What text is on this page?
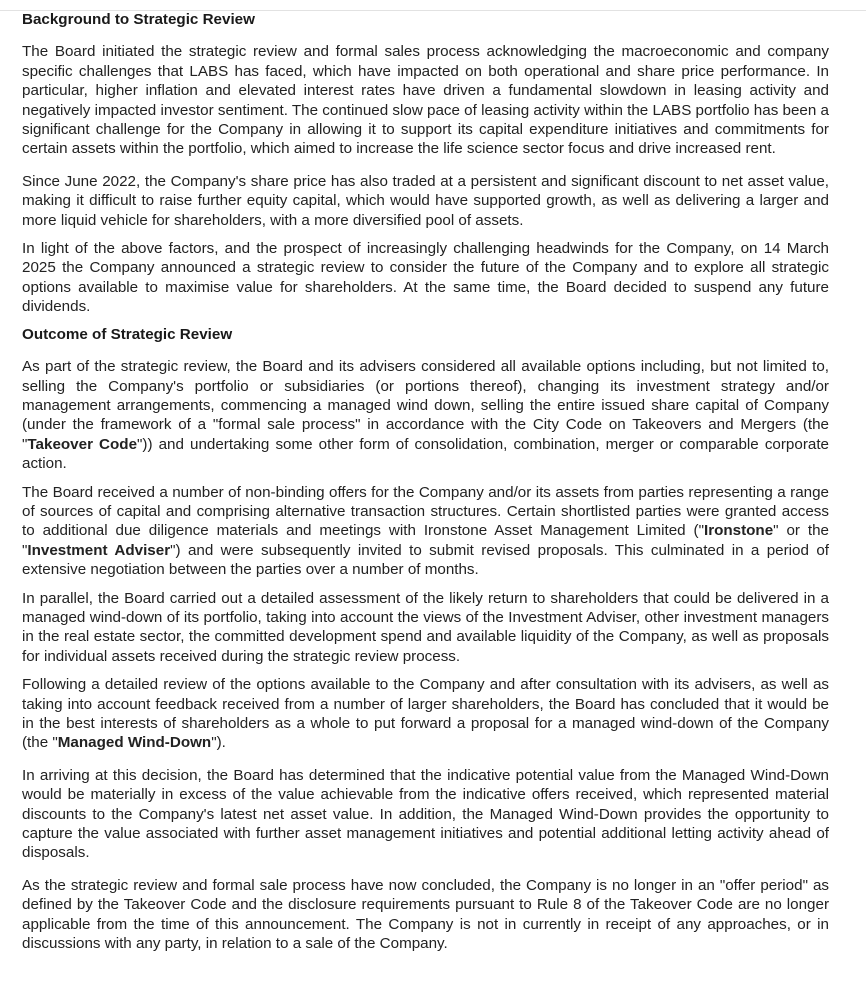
Background to Strategic Review

The Board initiated the strategic review and formal sales process acknowledging the macroeconomic and company specific challenges that LABS has faced, which have impacted on both operational and share price performance. In particular, higher inflation and elevated interest rates have driven a fundamental slowdown in leasing activity and negatively impacted investor sentiment. The continued slow pace of leasing activity within the LABS portfolio has been a significant challenge for the Company in allowing it to support its capital expenditure initiatives and commitments for certain assets within the portfolio, which aimed to increase the life science sector focus and drive increased rent.

Since June 2022, the Company's share price has also traded at a persistent and significant discount to net asset value, making it difficult to raise further equity capital, which would have supported growth, as well as delivering a larger and more liquid vehicle for shareholders, with a more diversified pool of assets.

In light of the above factors, and the prospect of increasingly challenging headwinds for the Company, on 14 March 2025 the Company announced a strategic review to consider the future of the Company and to explore all strategic options available to maximise value for shareholders. At the same time, the Board decided to suspend any future dividends.

Outcome of Strategic Review

As part of the strategic review, the Board and its advisers considered all available options including, but not limited to, selling the Company's portfolio or subsidiaries (or portions thereof), changing its investment strategy and/or management arrangements, commencing a managed wind down, selling the entire issued share capital of Company (under the framework of a "formal sale process" in accordance with the City Code on Takeovers and Mergers (the "Takeover Code")) and undertaking some other form of consolidation, combination, merger or comparable corporate action.

The Board received a number of non-binding offers for the Company and/or its assets from parties representing a range of sources of capital and comprising alternative transaction structures. Certain shortlisted parties were granted access to additional due diligence materials and meetings with Ironstone Asset Management Limited ("Ironstone" or the "Investment Adviser") and were subsequently invited to submit revised proposals. This culminated in a period of extensive negotiation between the parties over a number of months.

In parallel, the Board carried out a detailed assessment of the likely return to shareholders that could be delivered in a managed wind-down of its portfolio, taking into account the views of the Investment Adviser, other investment managers in the real estate sector, the committed development spend and available liquidity of the Company, as well as proposals for individual assets received during the strategic review process.

Following a detailed review of the options available to the Company and after consultation with its advisers, as well as taking into account feedback received from a number of larger shareholders, the Board has concluded that it would be in the best interests of shareholders as a whole to put forward a proposal for a managed wind-down of the Company (the "Managed Wind-Down").

In arriving at this decision, the Board has determined that the indicative potential value from the Managed Wind-Down would be materially in excess of the value achievable from the indicative offers received, which represented material discounts to the Company's latest net asset value. In addition, the Managed Wind-Down provides the opportunity to capture the value associated with further asset management initiatives and potential additional letting activity ahead of disposals.

As the strategic review and formal sale process have now concluded, the Company is no longer in an "offer period" as defined by the Takeover Code and the disclosure requirements pursuant to Rule 8 of the Takeover Code are no longer applicable from the time of this announcement. The Company is not in currently in receipt of any approaches, or in discussions with any party, in relation to a sale of the Company.
